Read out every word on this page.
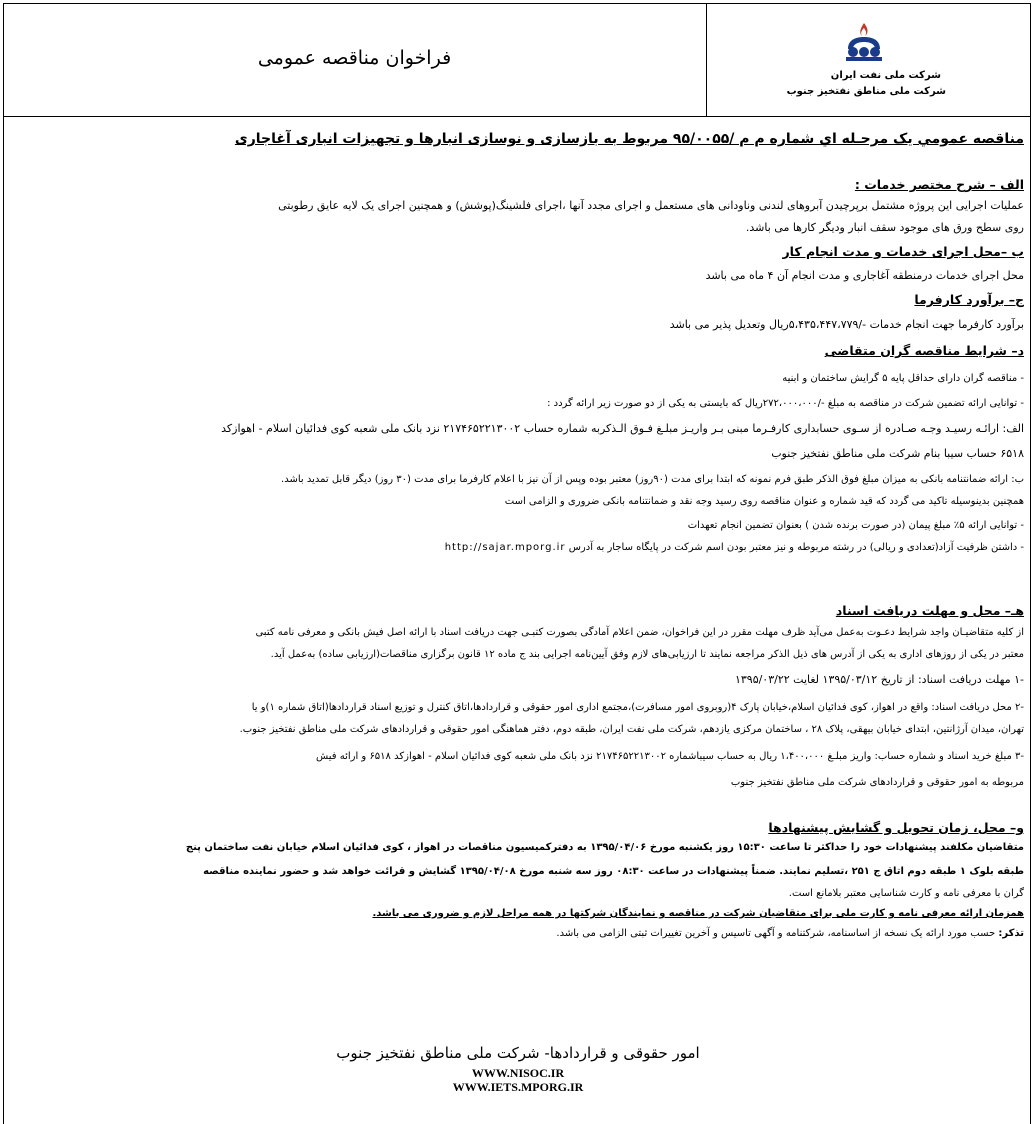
فراخوان مناقصه عمومی
شرکت ملی نفت ایران
شرکت ملی مناطق نفتخیز جنوب
مناقصه عمومي يک مرحـله اي شماره م م /۹۵/۰۰۵۵ مربوط به بازسازی و نوسازی انبارها و تجهیزات انباری آغاجاری
الف – شرح مختصر خدمات :
عملیات اجرایی این پروژه مشتمل برپرچیدن آبروهای لندنی وناودانی های مستعمل و اجرای مجدد آنها ،اجرای فلشینگ(پوشش) و همچنین اجرای یک لایه عایق رطوبتی
روی سطح ورق های موجود سقف انبار ودیگر کارها می باشد.
ب –محل اجرای خدمات و مدت انجام کار
محل اجرای خدمات درمنطقه آغاجاری و مدت انجام آن ۴ ماه می باشد
ج– برآورد کارفرما
برآورد کارفرما جهت انجام خدمات -/۵،۴۳۵،۴۴۷،۷۷۹ریال وتعدیل پذیر می باشد
د– شرایط مناقصه گران متقاضی
- مناقصه گران دارای حداقل پایه ۵ گرایش ساختمان و ابنیه
- توانایی ارائه تضمین شرکت در مناقصه به مبلغ -/۲۷۲،۰۰۰،۰۰۰ریال که بایستی به یکی از دو صورت زیر ارائه گردد :
الف: ارائـه رسیـد وجـه صـادره از سـوی حسابداری کارفـرما مبنی بـر واریـز مبلـغ فـوق الـذکربه شماره حساب ۲۱۷۴۶۵۲۲۱۳۰۰۲ نزد بانک ملی شعبه کوی فدائیان اسلام - اهوازکد
۶۵۱۸ حساب سیبا بنام شرکت ملی مناطق نفتخیز جنوب
ب: ارائه ضمانتنامه بانکی به میزان مبلغ فوق الذکر طبق فرم نمونه که ابتدا برای مدت (۹۰روز) معتبر بوده وپس از آن نیز با اعلام کارفرما برای مدت (۳۰ روز) دیگر قابل تمدید باشد.
همچنین بدینوسیله تاکید می گردد که قید شماره و عنوان مناقصه روی رسید وجه نقد و ضمانتنامه بانکی ضروری و الزامی است
- توانایی ارائه ۵٪ مبلغ پیمان (در صورت برنده شدن ) بعنوان تضمین انجام تعهدات
- داشتن ظرفیت آزاد(تعدادی و ریالی) در رشته مربوطه و نیز معتبر بودن اسم شرکت در پایگاه ساجار به آدرس http://sajar.mporg.ir
هـ– محل و مهلت دریافت اسناد
از کلیه متقاضیـان واجد شرایط دعـوت به‌عمل می‌آید ظرف مهلت مقرر در این فراخوان، ضمن اعلام آمادگی بصورت کتبـی جهت دریافت اسناد با ارائه اصل فیش بانکی و معرفی نامه کتبی
معتبر در یکی از روزهای اداری به یکی از آدرس های ذیل الذکر مراجعه نمایند تا ارزیابی‌های لازم وفق آیین‌نامه اجرایی بند ج ماده ۱۲ قانون برگزاری مناقصات(ارزیابی ساده) به‌عمل آید.
-۱ مهلت دریافت اسناد: از تاریخ ۱۳۹۵/۰۳/۱۲ لغایت ۱۳۹۵/۰۳/۲۲
-۲ محل دریافت اسناد: واقع در اهواز، کوی فدائیان اسلام،خیابان پارک ۴(روبروی امور مسافرت)،مجتمع اداری امور حقوقی و قراردادها،اتاق کنترل و توزیع اسناد قراردادها(اتاق شماره ۱)و یا
تهران، میدان آرژانتین، ابتدای خیابان بیهقی، پلاک ۲۸ ، ساختمان مرکزی یازدهم، شرکت ملی نفت ایران، طبقه دوم، دفتر هماهنگی امور حقوقی و قراردادهای شرکت ملی مناطق نفتخیز جنوب.
-۳ مبلغ خرید اسناد و شماره حساب: واریز مبلـغ ۱،۴۰۰،۰۰۰ ریال به حساب سیباشماره ۲۱۷۴۶۵۲۲۱۳۰۰۲ نزد بانک ملی شعبه کوی فدائیان اسلام - اهوازکد ۶۵۱۸ و ارائه فیش
مربوطه به امور حقوقی و قراردادهای شرکت ملی مناطق نفتخیز جنوب
و– محل، زمان تحویل و گشایش پیشنهادها
متقاضیان مکلفند پیشنهادات خود را حداکثر تا ساعت ۱۵:۳۰ روز یکشنبه مورخ ۱۳۹۵/۰۴/۰۶ به دفترکمیسیون مناقصات در اهواز ، کوی فدائیان اسلام خیابان نفت ساختمان پنج
طبقه بلوک ۱ طبقه دوم اتاق ج ۲۵۱ ،تسلیم نمایند. ضمناً پیشنهادات در ساعت ۰۸:۳۰ روز سه شنبه مورخ ۱۳۹۵/۰۴/۰۸ گشایش و قرائت خواهد شد و حضور نماینده مناقصه
گران با معرفی نامه و کارت شناسایی معتبر بلامانع است.
همزمان ارائه معرفی نامه و کارت ملی برای متقاضیان شرکت در مناقصه و نمایندگان شرکتها در همه مراحل لازم و ضروری می باشد.
تذکر: حسب مورد ارائه یک نسخه از اساسنامه، شرکتنامه و آگهی تاسیس و آخرین تغییرات ثبتی الزامی می باشد.
امور حقوقی و قراردادها- شرکت ملی مناطق نفتخیز جنوب
WWW.NISOC.IR
WWW.IETS.MPORG.IR
